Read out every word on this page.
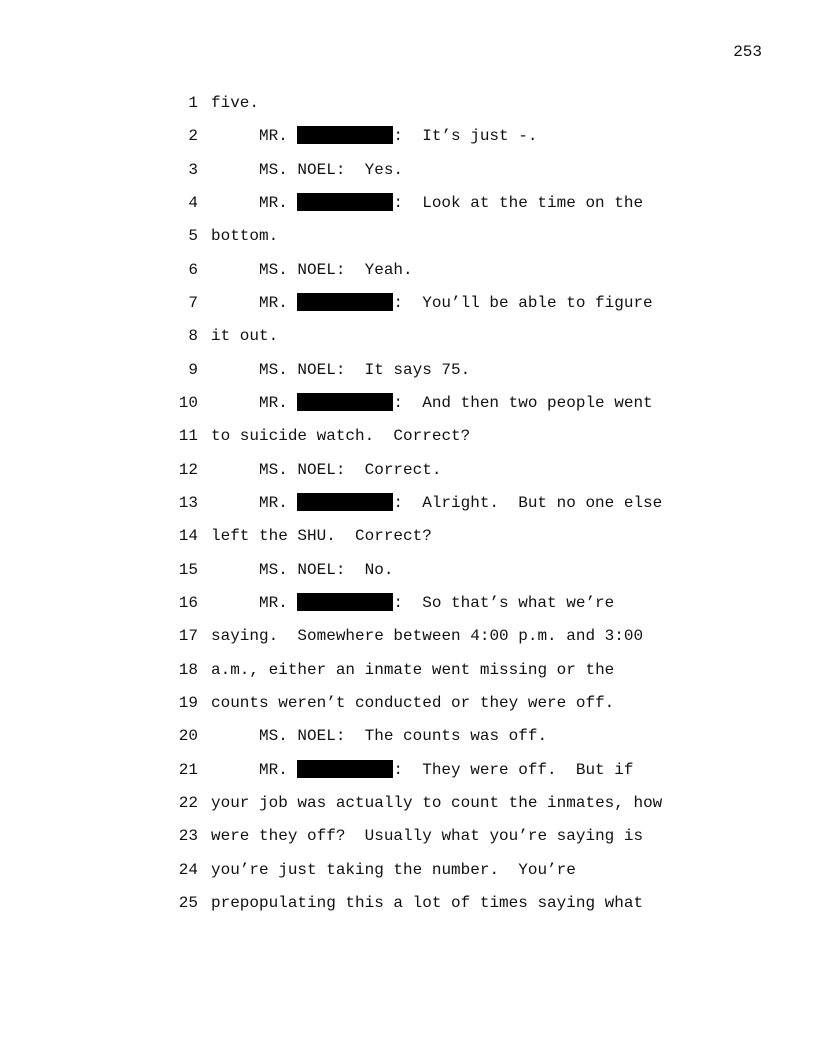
253
1 five.
2	MR.	:  It’s just -.
3	MS. NOEL:  Yes.
4	MR.	:  Look at the time on the
5 bottom.
6	MS. NOEL:  Yeah.
7	MR.	:  You’ll be able to figure
8 it out.
9	MS. NOEL:  It says 75.
10	MR.	:  And then two people went
11 to suicide watch.  Correct?
12	MS. NOEL:  Correct.
13	MR.	:  Alright.  But no one else
14 left the SHU.  Correct?
15	MS. NOEL:  No.
16	MR.	:  So that’s what we’re
17 saying.  Somewhere between 4:00 p.m. and 3:00
18 a.m., either an inmate went missing or the
19 counts weren’t conducted or they were off.
20	MS. NOEL:  The counts was off.
21	MR.	:  They were off.  But if
22 your job was actually to count the inmates, how
23 were they off?  Usually what you’re saying is
24 you’re just taking the number.  You’re
25 prepopulating this a lot of times saying what
